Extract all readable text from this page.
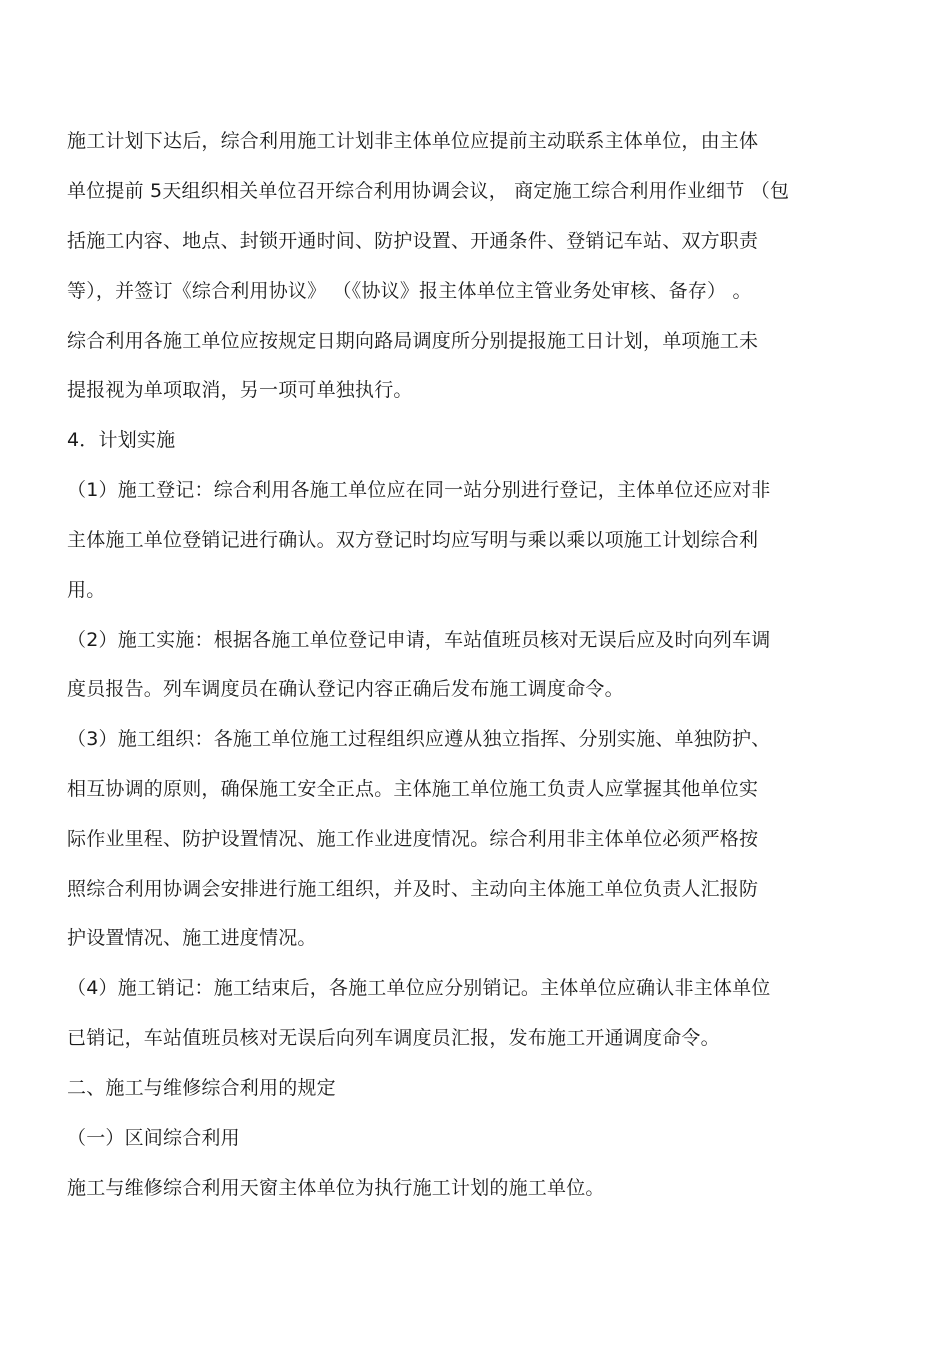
施工计划下达后，综合利用施工计划非主体单位应提前主动联系主体单位，由主体
单位提前 5天组织相关单位召开综合利用协调会议， 商定施工综合利用作业细节 （包
括施工内容、地点、封锁开通时间、防护设置、开通条件、登销记车站、双方职责
等），并签订《综合利用协议》 （《协议》报主体单位主管业务处审核、备存） 。
综合利用各施工单位应按规定日期向路局调度所分别提报施工日计划，单项施工未
提报视为单项取消，另一项可单独执行。
4．计划实施
（1）施工登记：综合利用各施工单位应在同一站分别进行登记，主体单位还应对非
主体施工单位登销记进行确认。双方登记时均应写明与乘以乘以项施工计划综合利
用。
（2）施工实施：根据各施工单位登记申请，车站值班员核对无误后应及时向列车调
度员报告。列车调度员在确认登记内容正确后发布施工调度命令。
（3）施工组织：各施工单位施工过程组织应遵从独立指挥、分别实施、单独防护、
相互协调的原则，确保施工安全正点。主体施工单位施工负责人应掌握其他单位实
际作业里程、防护设置情况、施工作业进度情况。综合利用非主体单位必须严格按
照综合利用协调会安排进行施工组织，并及时、主动向主体施工单位负责人汇报防
护设置情况、施工进度情况。
（4）施工销记：施工结束后，各施工单位应分别销记。主体单位应确认非主体单位
已销记，车站值班员核对无误后向列车调度员汇报，发布施工开通调度命令。
二、施工与维修综合利用的规定
（一）区间综合利用
施工与维修综合利用天窗主体单位为执行施工计划的施工单位。
